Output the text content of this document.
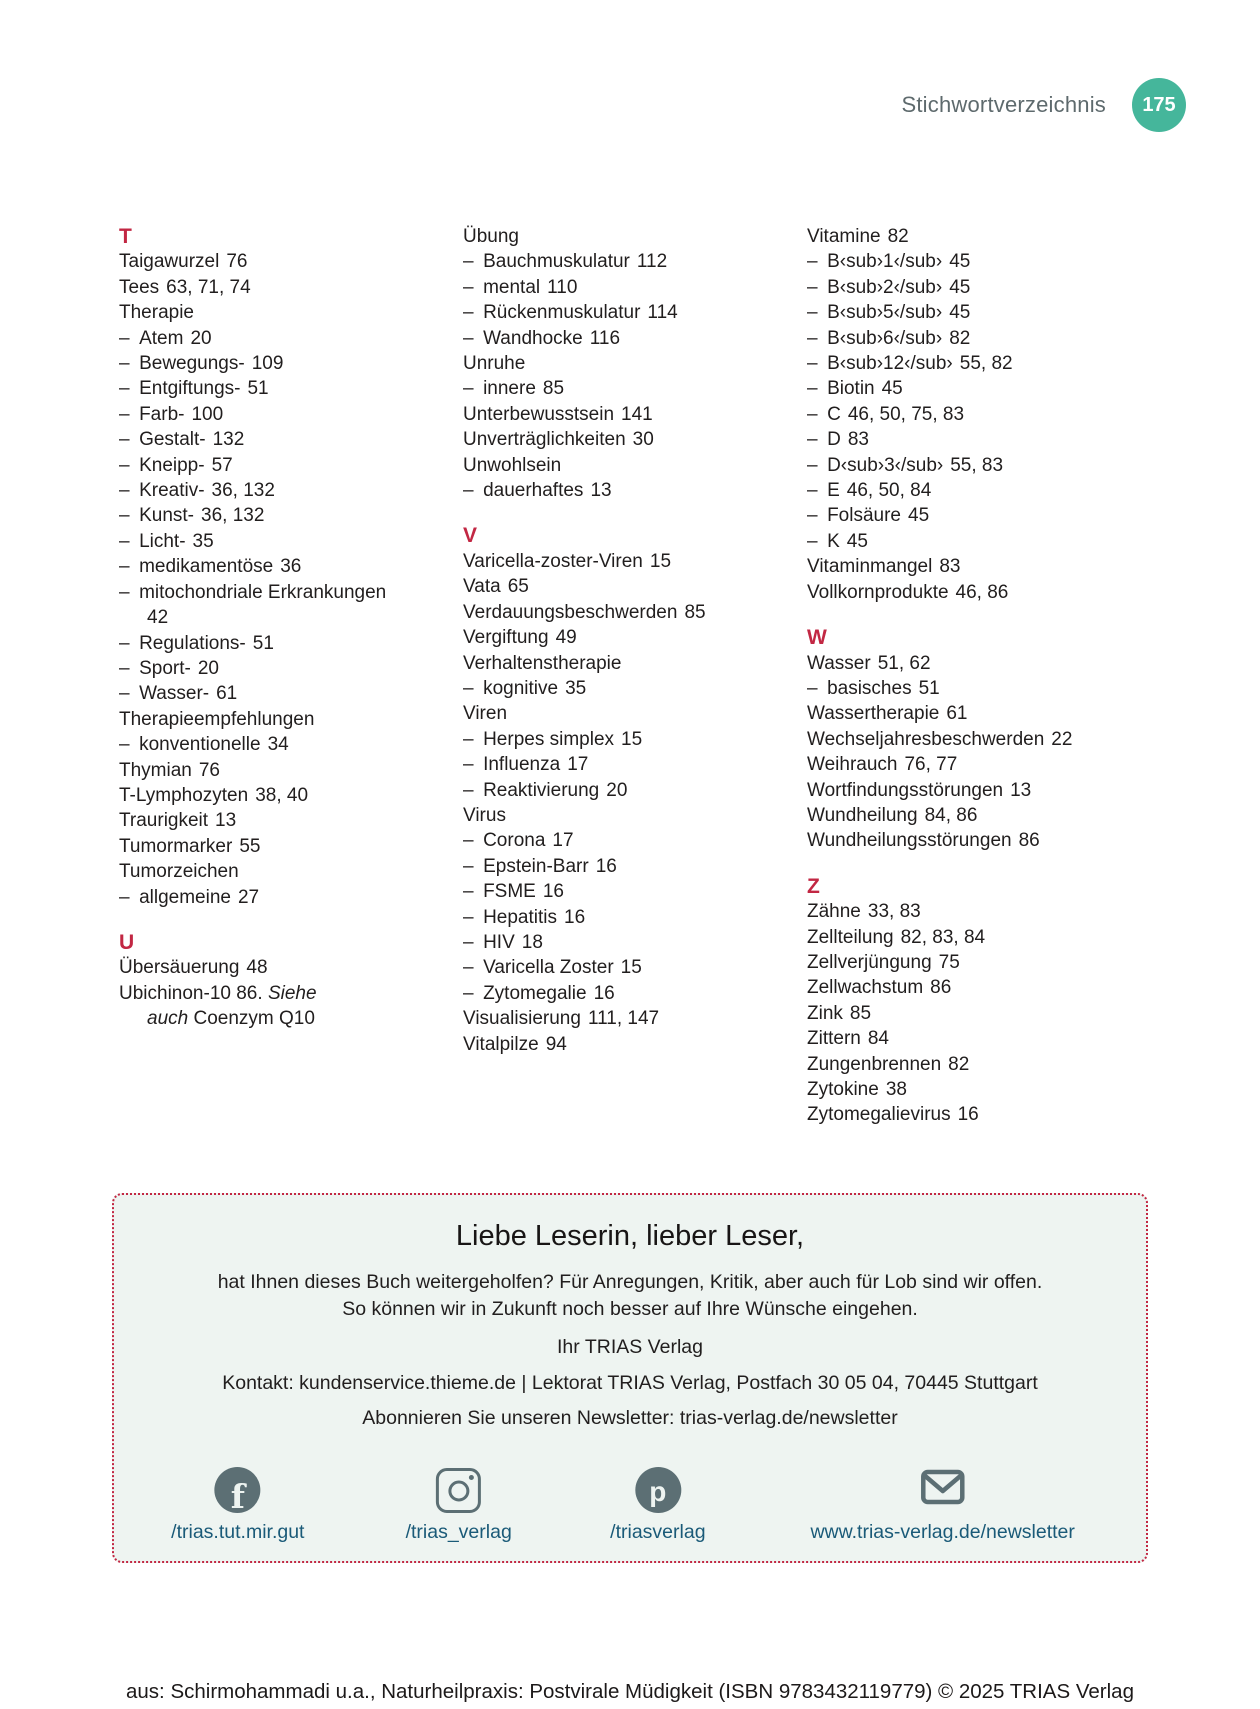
Stichwortverzeichnis	175
T
Taigawurzel 76
Tees 63, 71, 74
Therapie
– Atem 20
– Bewegungs- 109
– Entgiftungs- 51
– Farb- 100
– Gestalt- 132
– Kneipp- 57
– Kreativ- 36, 132
– Kunst- 36, 132
– Licht- 35
– medikamentöse 36
– mitochondriale Erkrankungen
42
– Regulations- 51
– Sport- 20
– Wasser- 61
Therapieempfehlungen
– konventionelle 34
Thymian 76
T-Lymphozyten 38, 40
Traurigkeit 13
Tumormarker 55
Tumorzeichen
– allgemeine 27
U
Übersäuerung 48
Ubichinon-10 86. Siehe
auch Coenzym Q10
Übung
– Bauchmuskulatur 112
– mental 110
– Rückenmuskulatur 114
– Wandhocke 116
Unruhe
– innere 85
Unterbewusstsein 141
Unverträglichkeiten 30
Unwohlsein
– dauerhaftes 13
V
Varicella-zoster-Viren 15
Vata 65
Verdauungsbeschwerden 85
Vergiftung 49
Verhaltenstherapie
– kognitive 35
Viren
– Herpes simplex 15
– Influenza 17
– Reaktivierung 20
Virus
– Corona 17
– Epstein-Barr 16
– FSME 16
– Hepatitis 16
– HIV 18
– Varicella Zoster 15
– Zytomegalie 16
Visualisierung 111, 147
Vitalpilze 94
Vitamine 82
– B‹sub›1‹/sub› 45
– B‹sub›2‹/sub› 45
– B‹sub›5‹/sub› 45
– B‹sub›6‹/sub› 82
– B‹sub›12‹/sub› 55, 82
– Biotin 45
– C 46, 50, 75, 83
– D 83
– D‹sub›3‹/sub› 55, 83
– E 46, 50, 84
– Folsäure 45
– K 45
Vitaminmangel 83
Vollkornprodukte 46, 86
W
Wasser 51, 62
– basisches 51
Wassertherapie 61
Wechseljahresbeschwerden 22
Weihrauch 76, 77
Wortfindungsstörungen 13
Wundheilung 84, 86
Wundheilungsstörungen 86
Z
Zähne 33, 83
Zellteilung 82, 83, 84
Zellverjüngung 75
Zellwachstum 86
Zink 85
Zittern 84
Zungenbrennen 82
Zytokine 38
Zytomegalievirus 16
Liebe Leserin, lieber Leser,
hat Ihnen dieses Buch weitergeholfen? Für Anregungen, Kritik, aber auch für Lob sind wir offen.
So können wir in Zukunft noch besser auf Ihre Wünsche eingehen.
Ihr TRIAS Verlag
Kontakt: kundenservice.thieme.de | Lektorat TRIAS Verlag, Postfach 30 05 04, 70445 Stuttgart
Abonnieren Sie unseren Newsletter: trias-verlag.de/newsletter
f
/trias.tut.mir.gut	/trias_verlag
p
/triasverlag	www.trias-verlag.de/newsletter
aus: Schirmohammadi u.a., Naturheilpraxis: Postvirale Müdigkeit (ISBN 9783432119779) © 2025 TRIAS Verlag
